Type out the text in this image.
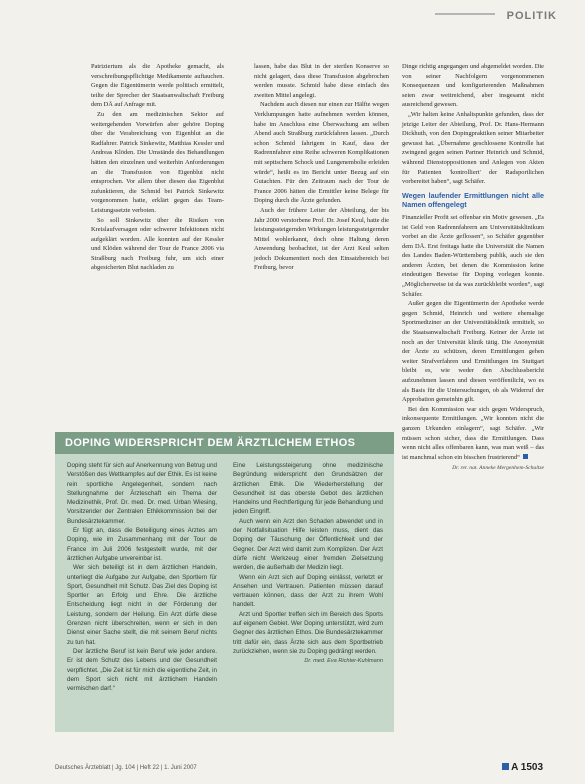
POLITIK

Patriziertum als die Apotheke gemacht, als verschreibungspflichtige Medikamente auftauchen. Gegen die Eigentümerin werde politisch ermittelt, teilte der Sprecher der Staatsanwaltschaft Freiburg dem DÄ auf Anfrage mit.

Zu den am medizinischen Sektor auf weitergehenden Vorwürfen aber gehöre Doping über die Verabreichung von Eigenblut an die Radfahrer. Patrick Sinkewitz, Matthias Kessler und Andreas Klöden. Die Umstände des Behandlungen hätten den einzelnen und weiterhin Anforderungen an die Transfusion von Eigenblut nicht entsprochen. Vor allem über diesen das Eigenblut zufunktieren, die Schmid bei Patrick Sinkewitz vorgenommen hatte, erklärt gegen das Team-Leistungssetzte verboten.

So soll Sinkewitz über die Risiken von Kreislaufversagen oder schwerer Infektionen nicht aufgeklärt worden. Alle konnten auf der Kessler und Klöden während der Tour de France 2006 via Straßburg nach Freiburg fuhr, um sich einer abgesicherten Blut nachladen zu

lassen, habe das Blut in der sterilen Konserve so nicht gelagert, dass diese Transfusion abgebrochen werden musste. Schmid habe diese einfach des zweiten Mittel angelegt.

Nachdem auch diesen nur einen zur Hälfte wegen Verklumpungen hatte aufnehmen werden können, habe im Anschluss eine Überwachung am selben Abend auch Straßburg zurückfahren lassen. „Durch schon Schmid fahrigem in Kauf, dass der Radrennfahrer eine Reihe schweren Komplikationen mit septischem Schock und Lungenembolie erleiden würde“, heißt es im Bericht unter Bezug auf ein Gutachten. Für den Zeitraum nach der Tour de France 2006 hätten die Ermittler keine Belege für Doping durch die Ärzte gefunden.

Auch der frühere Leiter der Abteilung, der bis Jahr 2000 verstorbene Prof. Dr. Josef Keul, hatte die leistungssteigernden Wirkungen leistungssteigernder Mittel wohlerkannt, doch ohne Haltung deren Anwendung beobachtet, ist der Arzt Keul selten jedoch Dokumentiert noch den Einsatzbereich bei Freiburg, bevor

Dinge richtig angegangen und abgemeldet worden. Die von seiner Nachfolgern vorgenommenen Konsequenzen und konfigurierenden Maßnahmen seien zwar weitreichend, aber insgesamt nicht ausreichend gewesen.

„Wir halten keine Anhaltspunkte gefunden, dass der jetzige Leiter der Abteilung, Prof. Dr. Hans-Hermann Dickhuth, von den Dopingpraktiken seiner Mitarbeiter gewusst hat. „Übernahme geschlossene Kontrolle hat zwingend gegen seinen Partner Heinrich und Schmid, während Dienstoppositionen und Anlegen von Akten für Patienten 'kontrolliert' der Radsportlichen vorbereitet haben“, sagt Schäfer.

Wegen laufender Ermittlungen nicht alle Namen offengelegt

Finanzieller Profit sei offenbar ein Motiv gewesen. „Es ist Geld von Radrennfahrern am Universitätsklinikum vorbei an die Ärzte geflossen“, so Schäfer gegenüber dem DÄ. Erst freitags hatte die Universität die Namen des Landes Baden-Württemberg publik, auch sie den anderen Ärzten, bei denen die Kommission keine eindeutigen Beweise für Doping vorlegen konnte. „Möglicherweise ist da was zurückbleibt worden“, sagt Schäfer.

Außer gegen die Eigentümerin der Apotheke werde gegen Schmid, Heinrich und weitere ehemalige Sportmediziner an der Universitätsklinik ermittelt, so die Staatsanwaltschaft Freiburg. Keiner der Ärzte ist noch an der Universität klinik tätig. Die Anonymität der Ärzte zu schützen, deren Ermittlungen gehen weiter Strafverfahren und Ermittlungen im Stuttgart bleibt es, wie weder den Abschlussbericht aufzunehmen lassen und diesen veröffentlicht, wo es als Basis für die Untersuchungen, ob als Widerruf der Approbation gemeinhin gilt.

Bei den Kommission war sich gegen Widerspruch, inkonsequente Ermittlungen. „Wir konnten nicht die ganzen Urkunden einlagern“, sagt Schäfer. „Wir müssen schon sicher, dass die Ermittlungen. Dass wenn nicht alles offenbaren kann, was man weiß – das ist manchmal schon ein bisschen frustrierend“

Dr. rer. nat. Anneke Mergenhem-Schultze
DOPING WIDERSPRICHT DEM ÄRZTLICHEM ETHOS

Doping steht für sich auf Anerkennung von Betrug und Verstößen des Wettkampfes auf der Ethik. Es ist keine rein sportliche Angelegenheit, sondern nach Stellungnahme der Ärzteschaft ein Thema der Medizinethik, Prof. Dr. med. Dr. med. Urban Wiesing, Vorsitzender der Zentralen Ethikkommission bei der Bundesärztekammer.

Er fügt an, dass die Beteiligung eines Arztes am Doping, wie im Zusammenhang mit der Tour de France im Juli 2006 festgestellt wurde, mit der ärztlichen Aufgabe unvereinbar ist.

Wer sich beteiligt ist in dem ärztlichen Handeln, unterliegt die Aufgabe zur Aufgabe, den Sportlern für Sport, Gesundheit mit Schutz. Das Ziel des Doping ist Sportler an Erfolg und Ehre. Die ärztliche Entscheidung liegt nicht in der Förderung der Leistung, sondern der Heilung. Ein Arzt dürfe diese Grenzen nicht überschreiten, wenn er sich in den Dienst einer Sache stellt, die mit seinem Beruf nichts zu tun hat.

Der ärztliche Beruf ist kein Beruf wie jeder andere. Er ist dem Schutz des Lebens und der Gesundheit verpflichtet. „Die Zeit ist für mich die eigentliche Zeit, in dem Sport sich nicht mit ärztlichem Handeln vermischen darf.“

Eine Leistungssteigerung ohne medizinische Begründung widerspricht den Grundsätzen der ärztlichen Ethik. Die Wiederherstellung der Gesundheit ist das oberste Gebot des ärztlichen Handelns und Rechtfertigung für jede Behandlung und jeden Eingriff.

Auch wenn ein Arzt den Schaden abwendet und in der Notfallsituation Hilfe leisten muss, dient das Doping der Täuschung der Öffentlichkeit und der Gegner. Der Arzt wird damit zum Komplizen. Der Arzt dürfe nicht Werkzeug einer fremden Zielsetzung werden, die außerhalb der Medizin liegt.

Wenn ein Arzt sich auf Doping einlässt, verletzt er Ansehen und Vertrauen. Patienten müssen darauf vertrauen können, dass der Arzt zu ihrem Wohl handelt.

Arzt und Sportler treffen sich im Bereich des Sports auf eigenem Gebiet. Wer Doping unterstützt, wird zum Gegner des ärztlichen Ethos. Die Bundesärztekammer tritt dafür ein, dass Ärzte sich aus dem Sportbetrieb zurückziehen, wenn sie zu Doping gedrängt werden.

Dr. med. Eva Richter-Kuhlmann
Deutsches Ärzteblatt | Jg. 104 | Heft 22 | 1. Juni 2007	A 1503
